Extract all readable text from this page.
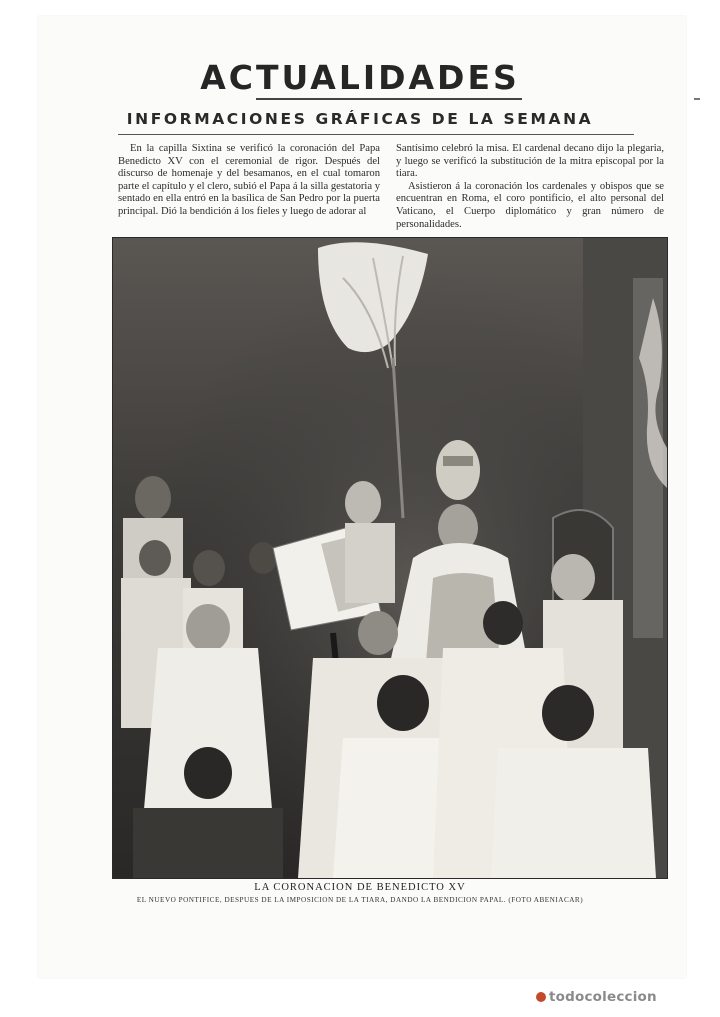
ACTUALIDADES
INFORMACIONES GRÁFICAS DE LA SEMANA

En la capilla Sixtina se verificó la coronación del Papa Benedicto XV con el ceremonial de rigor. Después del discurso de homenaje y del besamanos, en el cual tomaron parte el capítulo y el clero, subió el Papa á la silla gestatoria y sentado en ella entró en la basílica de San Pedro por la puerta principal. Dió la bendición á los fieles y luego de adorar al

Santísimo celebró la misa. El cardenal decano dijo la plegaria, y luego se verificó la substitución de la mitra episcopal por la tiara.

Asistieron á la coronación los cardenales y obispos que se encuentran en Roma, el coro pontificio, el alto personal del Vaticano, el Cuerpo diplomático y gran número de personalidades.

LA CORONACION DE BENEDICTO XV
EL NUEVO PONTIFICE, DESPUES DE LA IMPOSICION DE LA TIARA, DANDO LA BENDICION PAPAL. (FOTO ABENIACAR)
todocoleccion
